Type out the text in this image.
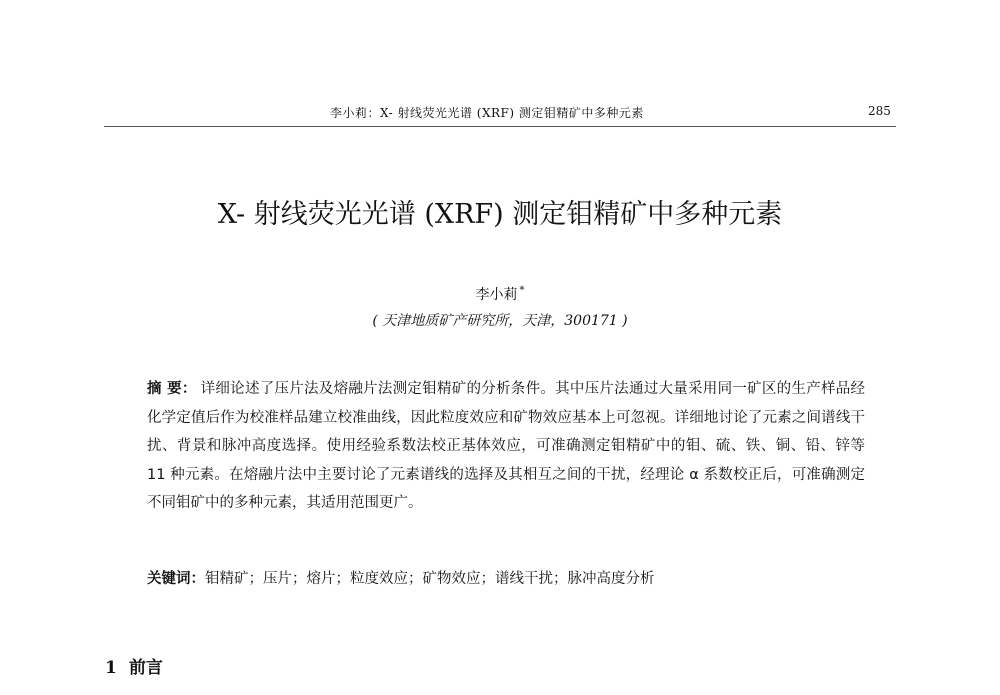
李小莉：X- 射线荧光光谱 (XRF) 测定钼精矿中多种元素	285
X- 射线荧光光谱 (XRF) 测定钼精矿中多种元素
李小莉 *
( 天津地质矿产研究所，天津，300171 )
摘 要： 详细论述了压片法及熔融片法测定钼精矿的分析条件。其中压片法通过大量采用同一矿区的生产样品经化学定值后作为校准样品建立校准曲线，因此粒度效应和矿物效应基本上可忽视。详细地讨论了元素之间谱线干扰、背景和脉冲高度选择。使用经验系数法校正基体效应，可准确测定钼精矿中的钼、硫、铁、铜、铅、锌等 11 种元素。在熔融片法中主要讨论了元素谱线的选择及其相互之间的干扰，经理论 α 系数校正后，可准确测定不同钼矿中的多种元素，其适用范围更广。
关键词：钼精矿；压片；熔片；粒度效应；矿物效应；谱线干扰；脉冲高度分析
1 前言
